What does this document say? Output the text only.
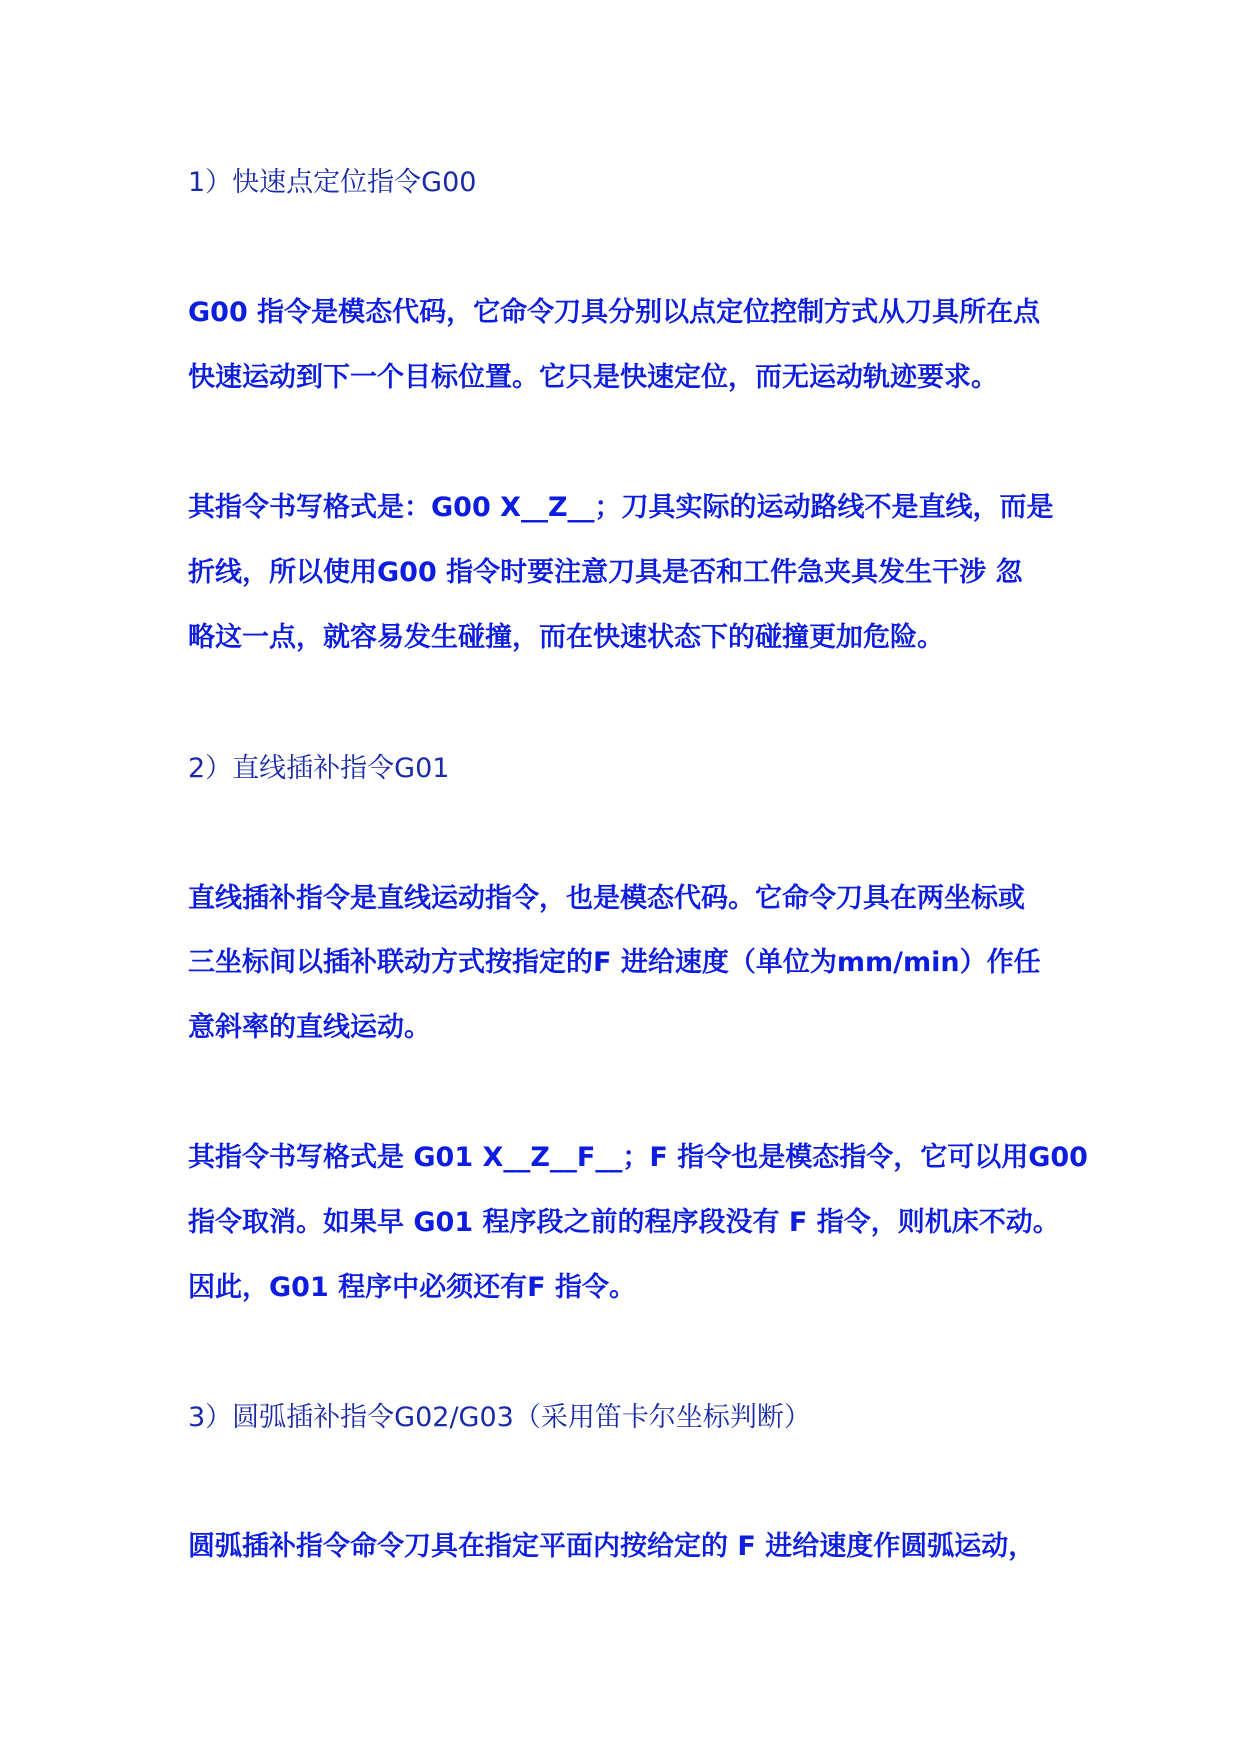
1）快速点定位指令G00
G00 指令是模态代码，它命令刀具分别以点定位控制方式从刀具所在点
快速运动到下一个目标位置。它只是快速定位，而无运动轨迹要求。
其指令书写格式是：G00 X__Z__；刀具实际的运动路线不是直线，而是
折线，所以使用G00 指令时要注意刀具是否和工件急夹具发生干涉 忽
略这一点，就容易发生碰撞，而在快速状态下的碰撞更加危险。
2）直线插补指令G01
直线插补指令是直线运动指令，也是模态代码。它命令刀具在两坐标或
三坐标间以插补联动方式按指定的F 进给速度（单位为mm/min）作任
意斜率的直线运动。
其指令书写格式是 G01 X__Z__F__；F 指令也是模态指令，它可以用G00
指令取消。如果早 G01 程序段之前的程序段没有 F 指令，则机床不动。
因此，G01 程序中必须还有F 指令。
3）圆弧插补指令G02/G03（采用笛卡尔坐标判断）
圆弧插补指令命令刀具在指定平面内按给定的 F 进给速度作圆弧运动，
